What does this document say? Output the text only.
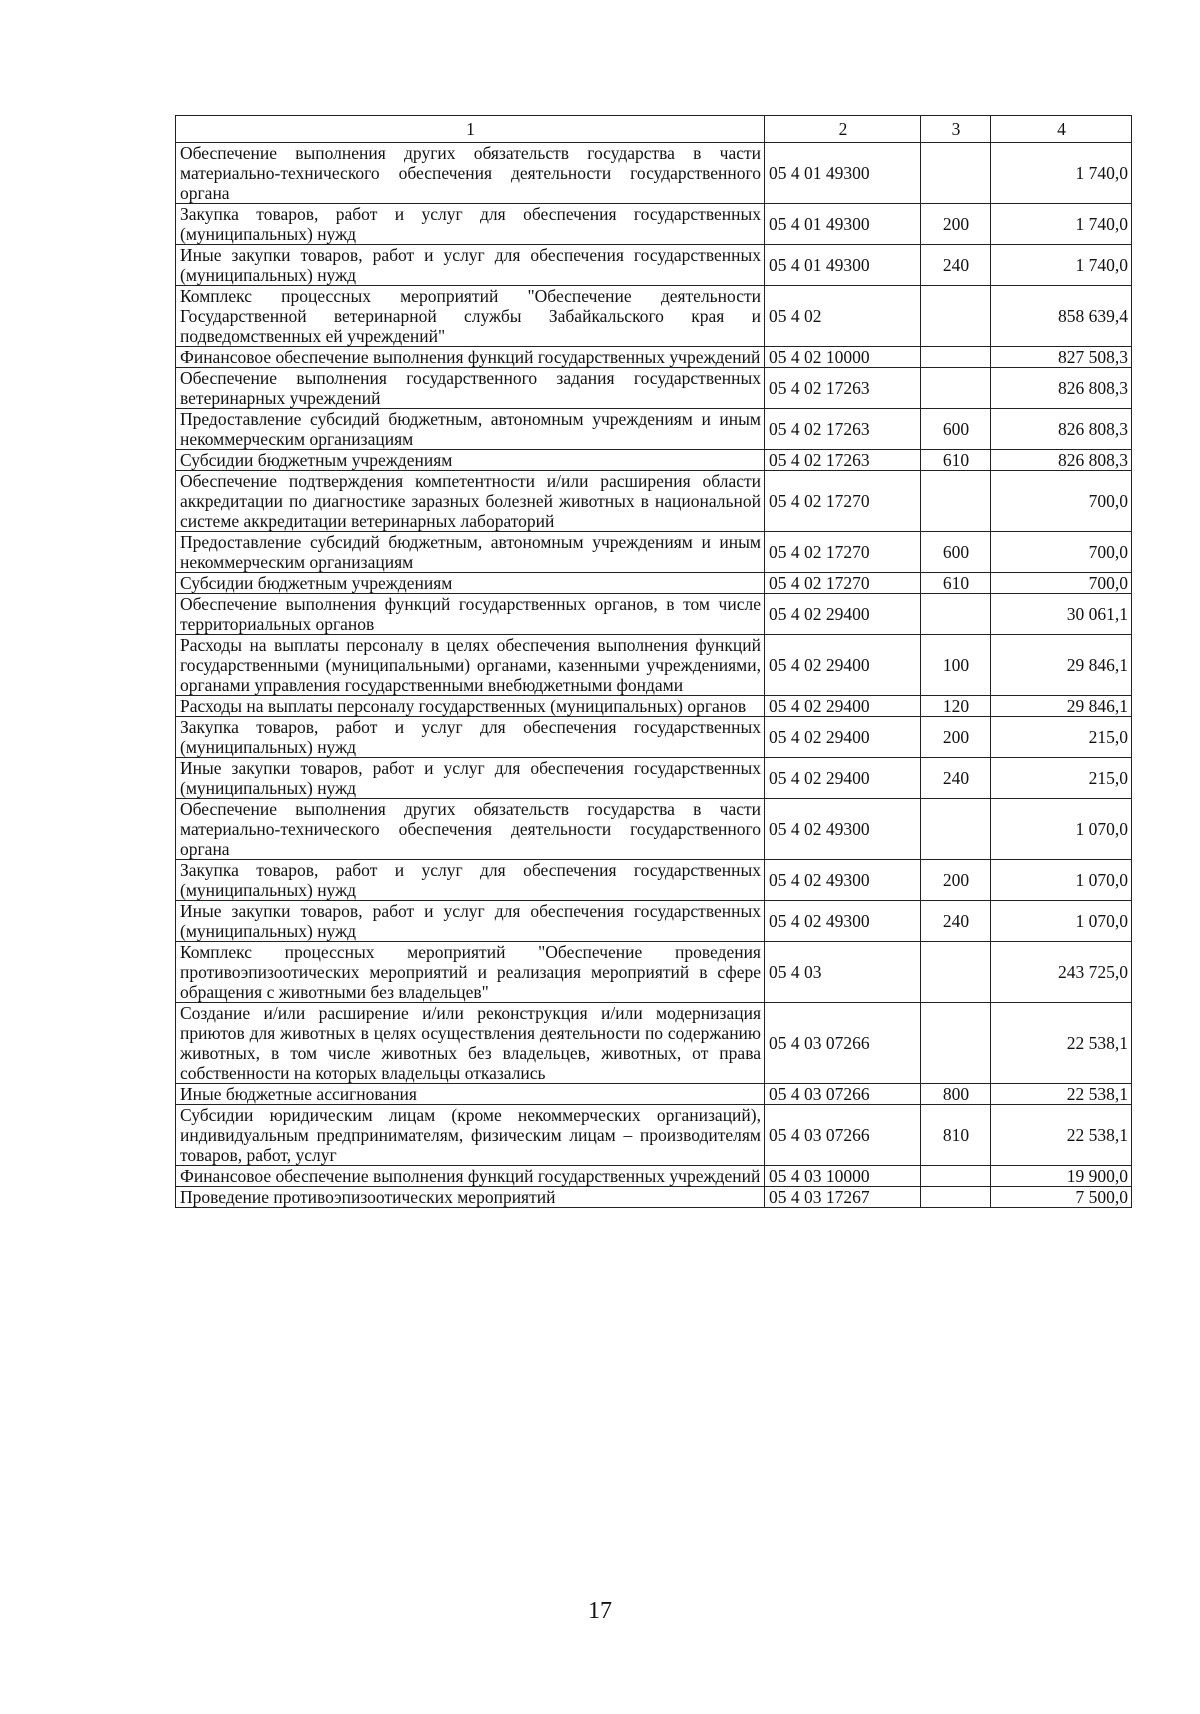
1	2	3	4
Обеспечение выполнения других обязательств государства в части материально-технического обеспечения деятельности государственного органа	05 4 01 49300		1 740,0
Закупка товаров, работ и услуг для обеспечения государственных (муниципальных) нужд	05 4 01 49300	200	1 740,0
Иные закупки товаров, работ и услуг для обеспечения государственных (муниципальных) нужд	05 4 01 49300	240	1 740,0
Комплекс процессных мероприятий "Обеспечение деятельности Государственной ветеринарной службы Забайкальского края и подведомственных ей учреждений"	05 4 02		858 639,4
Финансовое обеспечение выполнения функций государственных учреждений	05 4 02 10000		827 508,3
Обеспечение выполнения государственного задания государственных ветеринарных учреждений	05 4 02 17263		826 808,3
Предоставление субсидий бюджетным, автономным учреждениям и иным некоммерческим организациям	05 4 02 17263	600	826 808,3
Субсидии бюджетным учреждениям	05 4 02 17263	610	826 808,3
Обеспечение подтверждения компетентности и/или расширения области аккредитации по диагностике заразных болезней животных в национальной системе аккредитации ветеринарных лабораторий	05 4 02 17270		700,0
Предоставление субсидий бюджетным, автономным учреждениям и иным некоммерческим организациям	05 4 02 17270	600	700,0
Субсидии бюджетным учреждениям	05 4 02 17270	610	700,0
Обеспечение выполнения функций государственных органов, в том числе территориальных органов	05 4 02 29400		30 061,1
Расходы на выплаты персоналу в целях обеспечения выполнения функций государственными (муниципальными) органами, казенными учреждениями, органами управления государственными внебюджетными фондами	05 4 02 29400	100	29 846,1
Расходы на выплаты персоналу государственных (муниципальных) органов	05 4 02 29400	120	29 846,1
Закупка товаров, работ и услуг для обеспечения государственных (муниципальных) нужд	05 4 02 29400	200	215,0
Иные закупки товаров, работ и услуг для обеспечения государственных (муниципальных) нужд	05 4 02 29400	240	215,0
Обеспечение выполнения других обязательств государства в части материально-технического обеспечения деятельности государственного органа	05 4 02 49300		1 070,0
Закупка товаров, работ и услуг для обеспечения государственных (муниципальных) нужд	05 4 02 49300	200	1 070,0
Иные закупки товаров, работ и услуг для обеспечения государственных (муниципальных) нужд	05 4 02 49300	240	1 070,0
Комплекс процессных мероприятий "Обеспечение проведения противоэпизоотических мероприятий и реализация мероприятий в сфере обращения с животными без владельцев"	05 4 03		243 725,0
Создание и/или расширение и/или реконструкция и/или модернизация приютов для животных в целях осуществления деятельности по содержанию животных, в том числе животных без владельцев, животных, от права собственности на которых владельцы отказались	05 4 03 07266		22 538,1
Иные бюджетные ассигнования	05 4 03 07266	800	22 538,1
Субсидии юридическим лицам (кроме некоммерческих организаций), индивидуальным предпринимателям, физическим лицам – производителям товаров, работ, услуг	05 4 03 07266	810	22 538,1
Финансовое обеспечение выполнения функций государственных учреждений	05 4 03 10000		19 900,0
Проведение противоэпизоотических мероприятий	05 4 03 17267		7 500,0
17
